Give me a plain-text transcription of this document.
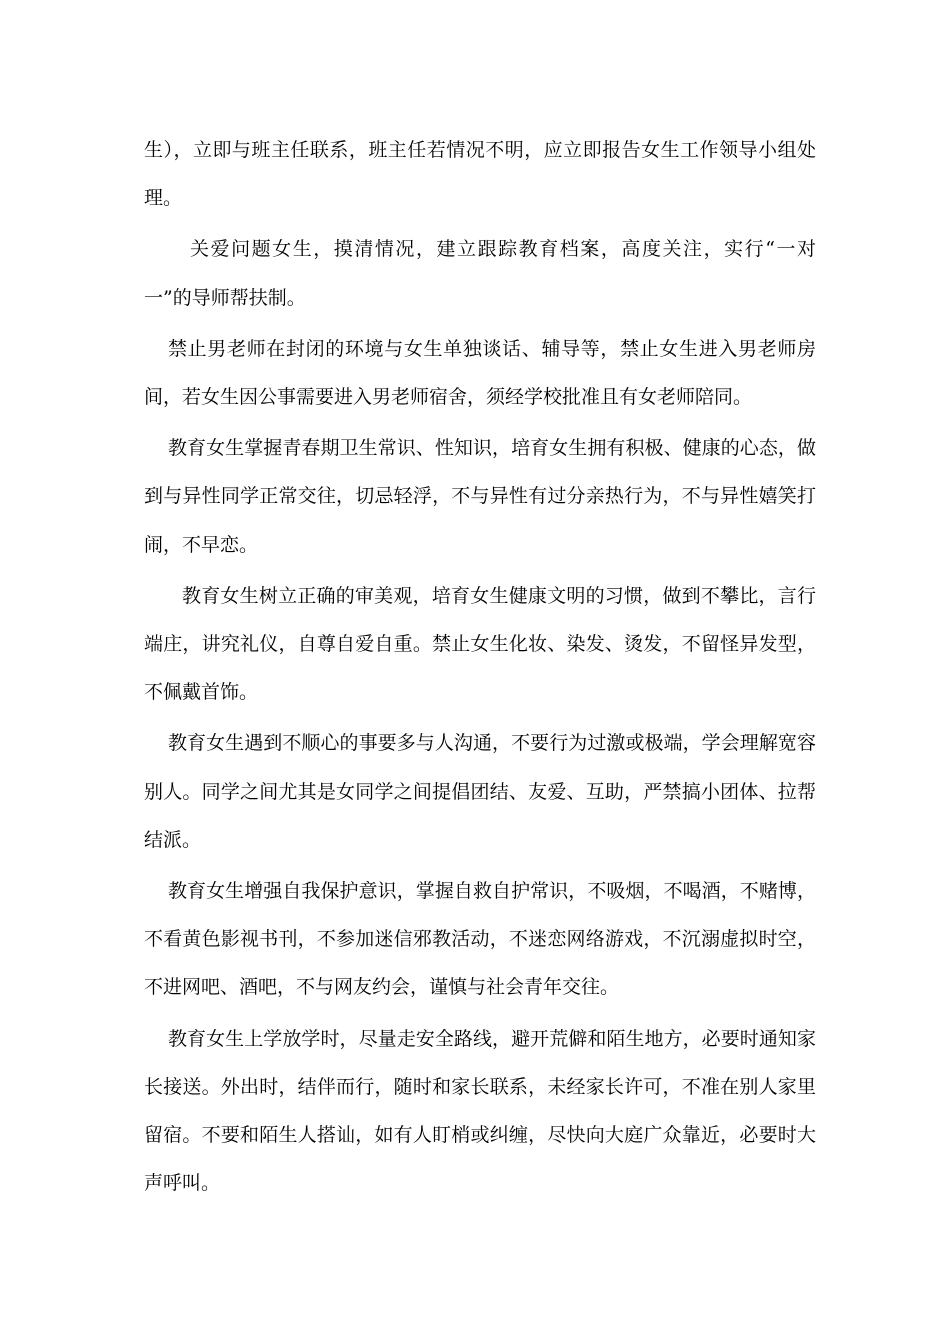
生），立即与班主任联系，班主任若情况不明，应立即报告女生工作领导小组处理。

关爱问题女生，摸清情况，建立跟踪教育档案，高度关注，实行“一对一”的导师帮扶制。

禁止男老师在封闭的环境与女生单独谈话、辅导等，禁止女生进入男老师房间，若女生因公事需要进入男老师宿舍，须经学校批准且有女老师陪同。

教育女生掌握青春期卫生常识、性知识，培育女生拥有积极、健康的心态，做到与异性同学正常交往，切忌轻浮，不与异性有过分亲热行为，不与异性嬉笑打闹，不早恋。

教育女生树立正确的审美观，培育女生健康文明的习惯，做到不攀比，言行端庄，讲究礼仪，自尊自爱自重。禁止女生化妆、染发、烫发，不留怪异发型，不佩戴首饰。

教育女生遇到不顺心的事要多与人沟通，不要行为过激或极端，学会理解宽容别人。同学之间尤其是女同学之间提倡团结、友爱、互助，严禁搞小团体、拉帮结派。

教育女生增强自我保护意识，掌握自救自护常识，不吸烟，不喝酒，不赌博，不看黄色影视书刊，不参加迷信邪教活动，不迷恋网络游戏，不沉溺虚拟时空，不进网吧、酒吧，不与网友约会，谨慎与社会青年交往。

教育女生上学放学时，尽量走安全路线，避开荒僻和陌生地方，必要时通知家长接送。外出时，结伴而行，随时和家长联系，未经家长许可，不准在别人家里留宿。不要和陌生人搭讪，如有人盯梢或纠缠，尽快向大庭广众靠近，必要时大声呼叫。
